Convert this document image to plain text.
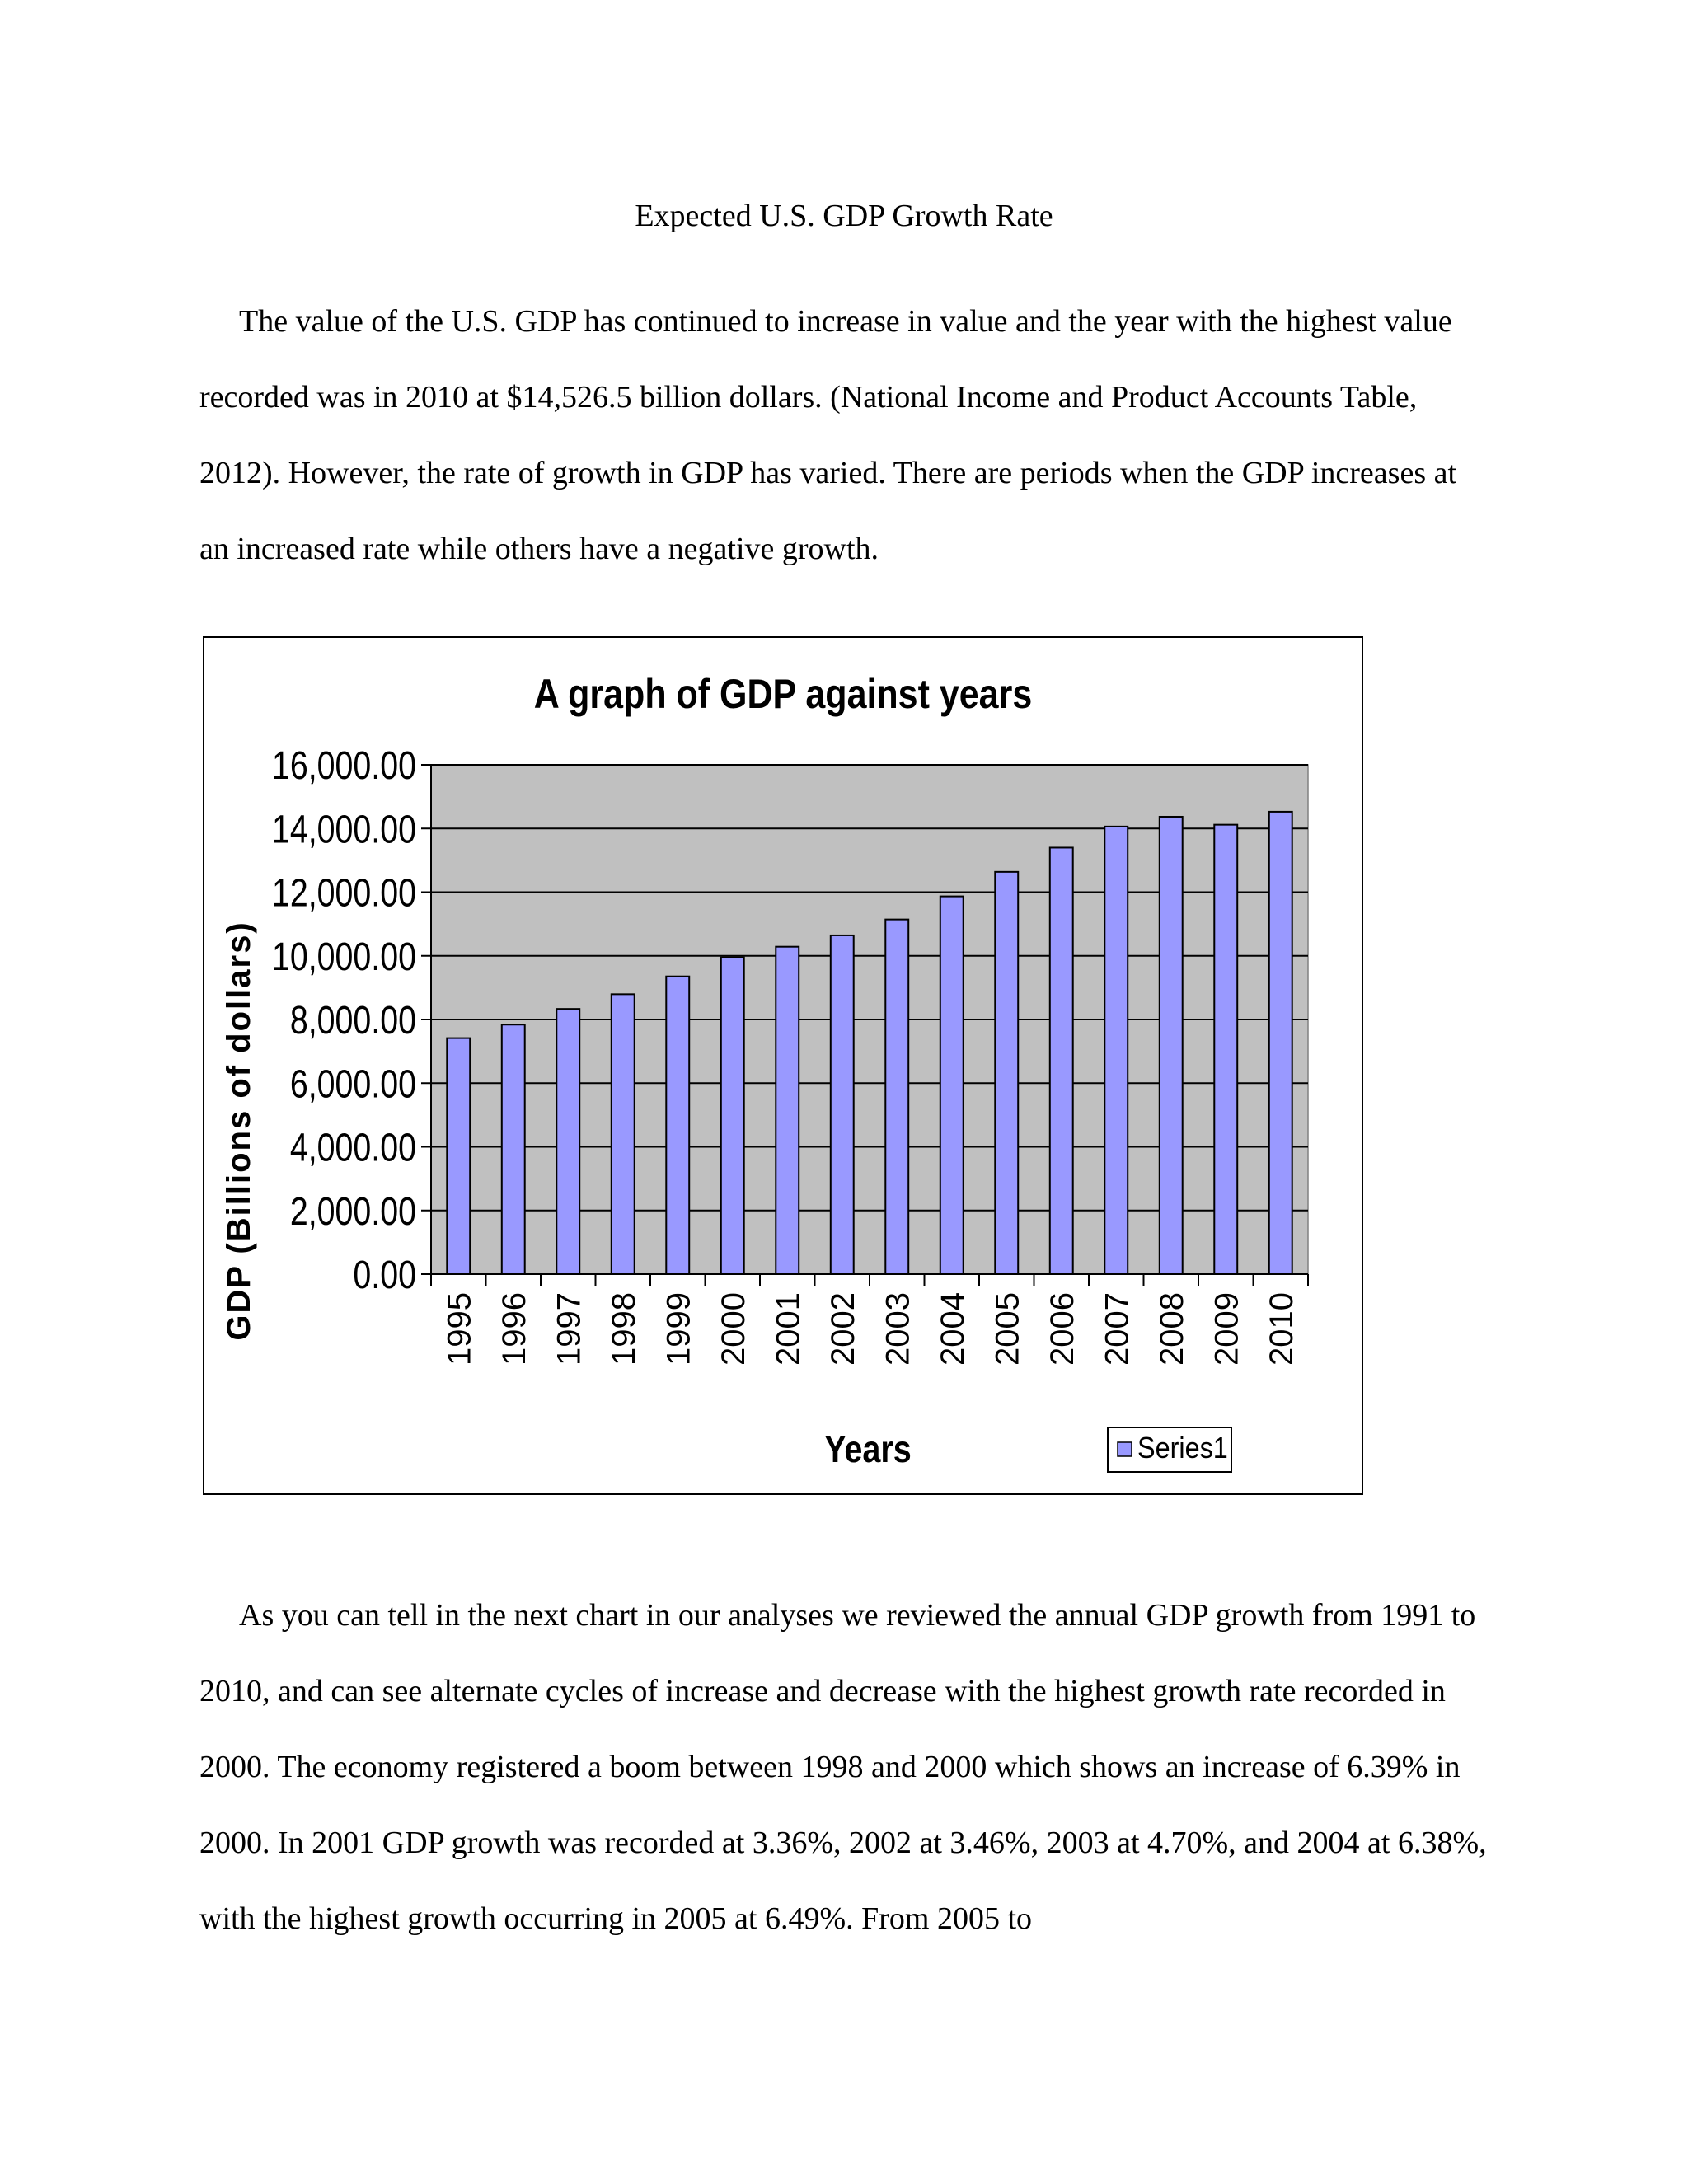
Expected U.S. GDP Growth Rate

The value of the U.S. GDP has continued to increase in value and the year with the highest value recorded was in 2010 at $14,526.5 billion dollars. (National Income and Product Accounts Table, 2012). However, the rate of growth in GDP has varied. There are periods when the GDP increases at an increased rate while others have a negative growth.

A graph of GDP against years
GDP (Billions of dollars) 0.00
2,000.00
4,000.00
6,000.00
8,000.00
10,000.00
12,000.00
14,000.00
16,000.00
1995 1996 1997 1998 1999 2000 2001 2002 2003 2004 2005 2006 2007 2008 2009 2010
Years	Series1

As you can tell in the next chart in our analyses we reviewed the annual GDP growth from 1991 to 2010, and can see alternate cycles of increase and decrease with the highest growth rate recorded in 2000. The economy registered a boom between 1998 and 2000 which shows an increase of 6.39% in 2000. In 2001 GDP growth was recorded at 3.36%, 2002 at 3.46%, 2003 at 4.70%, and 2004 at 6.38%, with the highest growth occurring in 2005 at 6.49%. From 2005 to
